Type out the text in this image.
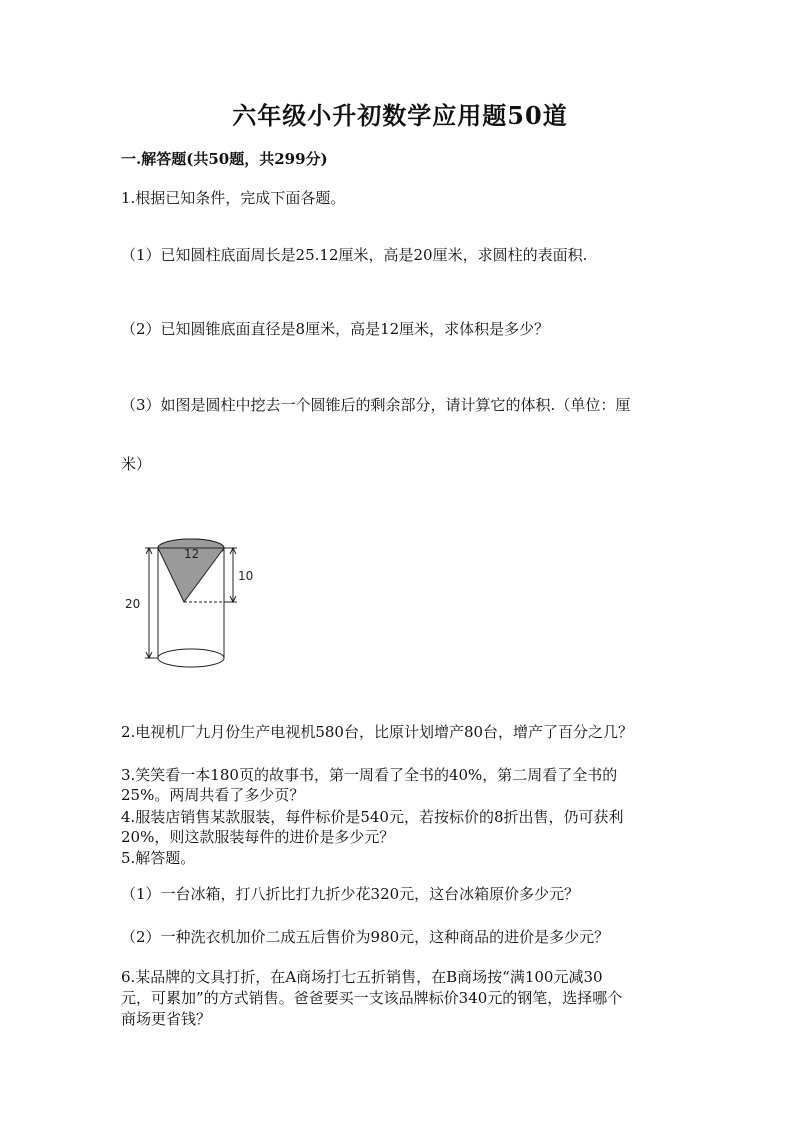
六年级小升初数学应用题50道
一.解答题(共50题，共299分)
1.根据已知条件，完成下面各题。
（1）已知圆柱底面周长是25.12厘米，高是20厘米，求圆柱的表面积.
（2）已知圆锥底面直径是8厘米，高是12厘米，求体积是多少？
（3）如图是圆柱中挖去一个圆锥后的剩余部分，请计算它的体积.（单位：厘
米）
12
20
10
2.电视机厂九月份生产电视机580台，比原计划增产80台，增产了百分之几？
3.笑笑看一本180页的故事书，第一周看了全书的40%，第二周看了全书的
25%。两周共看了多少页？
4.服装店销售某款服装，每件标价是540元，若按标价的8折出售，仍可获利
20%，则这款服装每件的进价是多少元？
5.解答题。
（1）一台冰箱，打八折比打九折少花320元，这台冰箱原价多少元？
（2）一种洗衣机加价二成五后售价为980元，这种商品的进价是多少元？
6.某品牌的文具打折，在A商场打七五折销售，在B商场按“满100元减30
元，可累加”的方式销售。爸爸要买一支该品牌标价340元的钢笔，选择哪个
商场更省钱？
